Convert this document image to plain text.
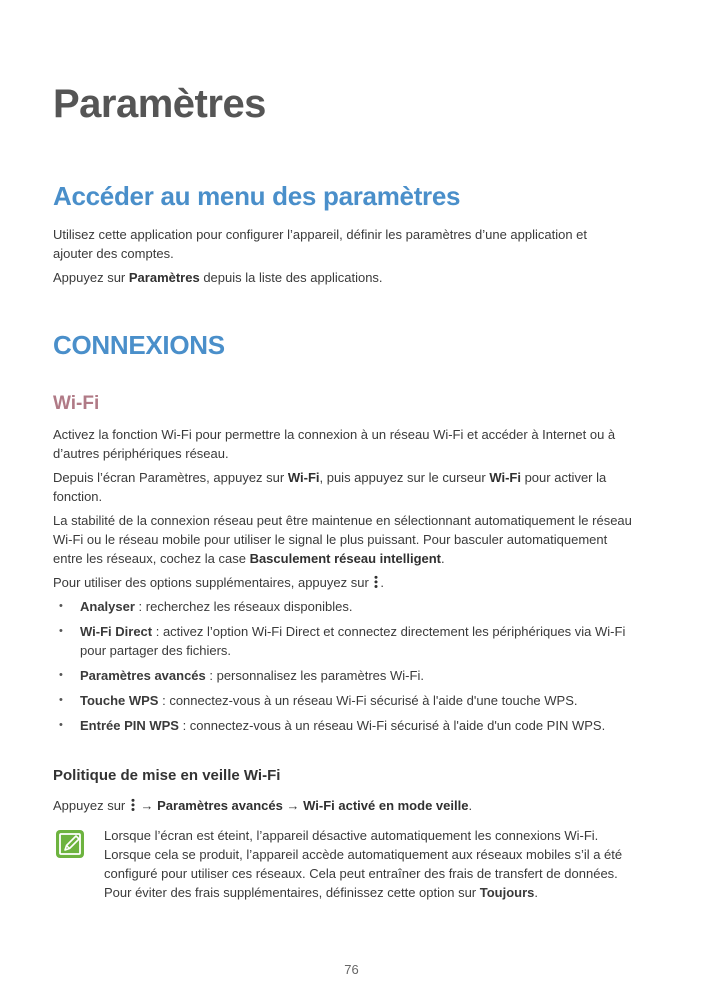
Paramètres
Accéder au menu des paramètres

Utilisez cette application pour configurer l’appareil, définir les paramètres d’une application et ajouter des comptes.

Appuyez sur Paramètres depuis la liste des applications.

CONNEXIONS
Wi-Fi

Activez la fonction Wi-Fi pour permettre la connexion à un réseau Wi-Fi et accéder à Internet ou à d’autres périphériques réseau.

Depuis l’écran Paramètres, appuyez sur Wi-Fi, puis appuyez sur le curseur Wi-Fi pour activer la fonction.

La stabilité de la connexion réseau peut être maintenue en sélectionnant automatiquement le réseau Wi-Fi ou le réseau mobile pour utiliser le signal le plus puissant. Pour basculer automatiquement entre les réseaux, cochez la case Basculement réseau intelligent.

Pour utiliser des options supplémentaires, appuyez sur .

• Analyser : recherchez les réseaux disponibles.
• Wi-Fi Direct : activez l’option Wi-Fi Direct et connectez directement les périphériques via Wi-Fi pour partager des fichiers.
• Paramètres avancés : personnalisez les paramètres Wi-Fi.
• Touche WPS : connectez-vous à un réseau Wi-Fi sécurisé à l'aide d'une touche WPS.
• Entrée PIN WPS : connectez-vous à un réseau Wi-Fi sécurisé à l'aide d'un code PIN WPS.
Politique de mise en veille Wi-Fi

Appuyez sur  → Paramètres avancés → Wi-Fi activé en mode veille.

Lorsque l’écran est éteint, l’appareil désactive automatiquement les connexions Wi-Fi. Lorsque cela se produit, l’appareil accède automatiquement aux réseaux mobiles s’il a été configuré pour utiliser ces réseaux. Cela peut entraîner des frais de transfert de données. Pour éviter des frais supplémentaires, définissez cette option sur Toujours.
76
